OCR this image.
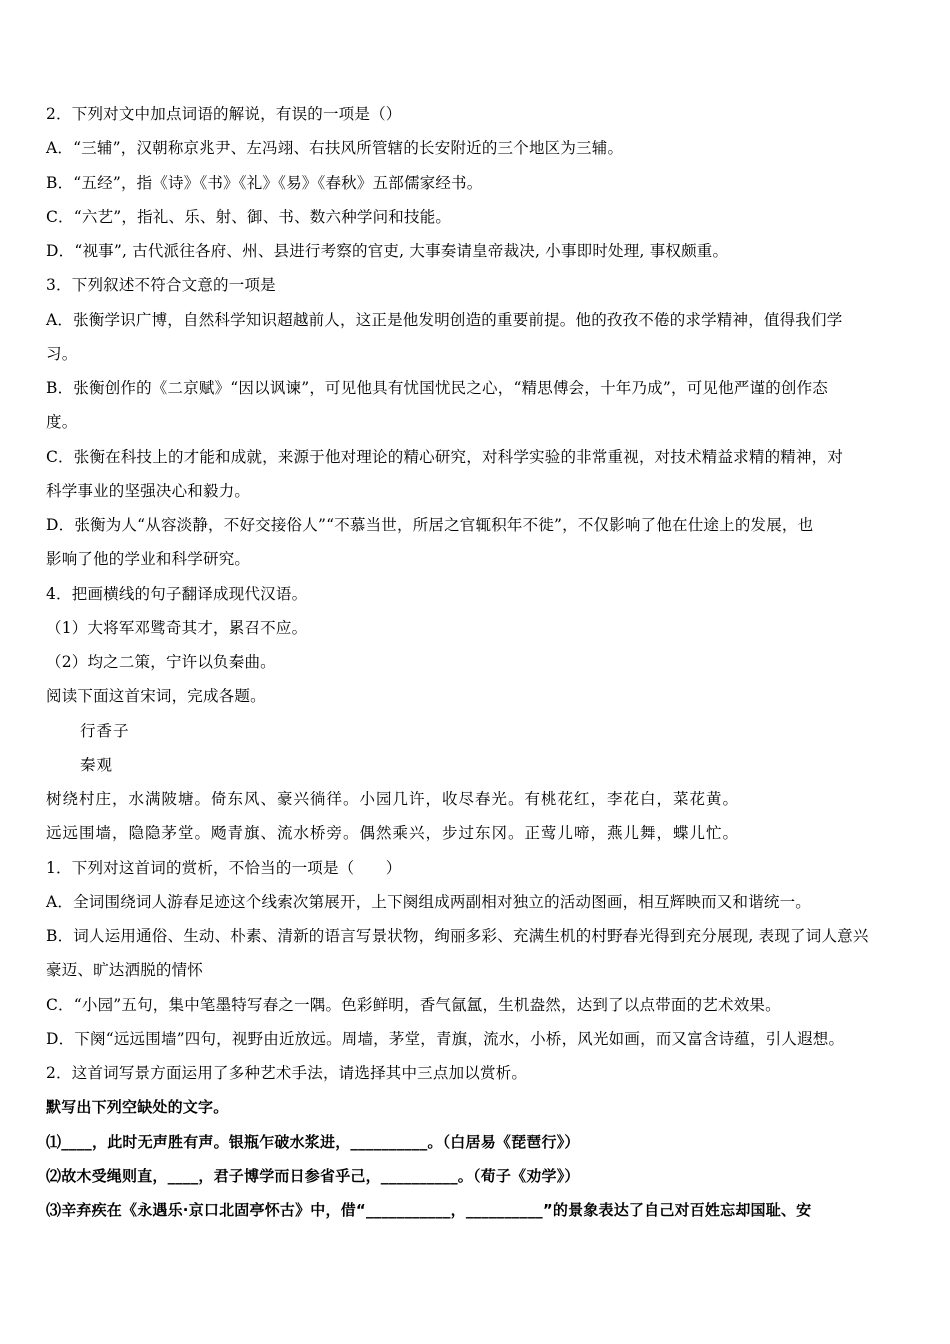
2．下列对文中加点词语的解说，有误的一项是（）
A．“三辅”，汉朝称京兆尹、左冯翊、右扶风所管辖的长安附近的三个地区为三辅。
B．“五经”，指《诗》《书》《礼》《易》《春秋》五部儒家经书。
C．“六艺”，指礼、乐、射、御、书、数六种学问和技能。
D．“视事”, 古代派往各府、州、县进行考察的官吏, 大事奏请皇帝裁决, 小事即时处理, 事权颇重。
3．下列叙述不符合文意的一项是
A．张衡学识广博，自然科学知识超越前人，这正是他发明创造的重要前提。他的孜孜不倦的求学精神，值得我们学
习。
B．张衡创作的《二京赋》“因以讽谏”，可见他具有忧国忧民之心，“精思傅会，十年乃成”，可见他严谨的创作态
度。
C．张衡在科技上的才能和成就，来源于他对理论的精心研究，对科学实验的非常重视，对技术精益求精的精神，对
科学事业的坚强决心和毅力。
D．张衡为人“从容淡静，不好交接俗人”“不慕当世，所居之官辄积年不徙”，不仅影响了他在仕途上的发展，也
影响了他的学业和科学研究。
4．把画横线的句子翻译成现代汉语。
（1）大将军邓骘奇其才，累召不应。
（2）均之二策，宁许以负秦曲。
阅读下面这首宋词，完成各题。
行香子
秦观
树绕村庄，水满陂塘。倚东风、豪兴徜徉。小园几许，收尽春光。有桃花红，李花白，菜花黄。
远远围墙，隐隐茅堂。飏青旗、流水桥旁。偶然乘兴，步过东冈。正莺儿啼，燕儿舞，蝶儿忙。
1．下列对这首词的赏析，不恰当的一项是（　　）
A．全词围绕词人游春足迹这个线索次第展开，上下阕组成两副相对独立的活动图画，相互辉映而又和谐统一。
B．词人运用通俗、生动、朴素、清新的语言写景状物，绚丽多彩、充满生机的村野春光得到充分展现, 表现了词人意兴
豪迈、旷达洒脱的情怀
C．“小园”五句，集中笔墨特写春之一隅。色彩鲜明，香气氤氲，生机盎然，达到了以点带面的艺术效果。
D．下阕“远远围墙”四句，视野由近放远。周墙，茅堂，青旗，流水，小桥，风光如画，而又富含诗蕴，引人遐想。
2．这首词写景方面运用了多种艺术手法，请选择其中三点加以赏析。
默写出下列空缺处的文字。
⑴____，此时无声胜有声。银瓶乍破水浆进，__________。（白居易《琵琶行》）
⑵故木受绳则直，____，君子博学而日参省乎己，__________。（荀子《劝学》）
⑶辛弃疾在《永遇乐·京口北固亭怀古》中，借“___________，__________”的景象表达了自己对百姓忘却国耻、安
